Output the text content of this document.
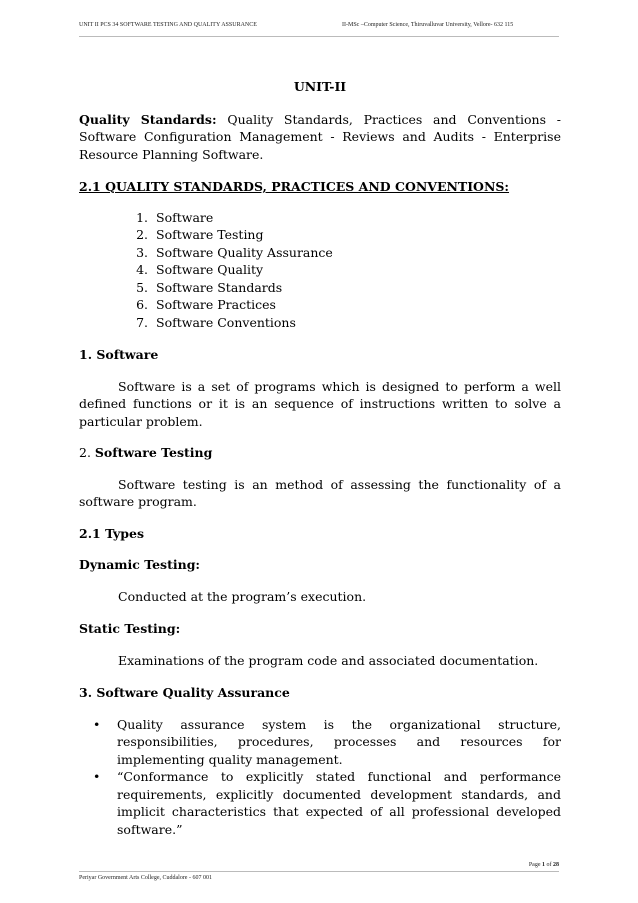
UNIT II PCS 34 SOFTWARE TESTING AND QUALITY ASSURANCE	II-MSc –Computer Science, Thiruvalluvar University, Vellore- 632 115
UNIT-II

Quality Standards: Quality Standards, Practices and Conventions - Software Configuration Management - Reviews and Audits - Enterprise Resource Planning Software.

2.1 QUALITY STANDARDS, PRACTICES AND CONVENTIONS:
1. Software
2. Software Testing
3. Software Quality Assurance
4. Software Quality
5. Software Standards
6. Software Practices
7. Software Conventions
1. Software

Software is a set of programs which is designed to perform a well defined functions or it is an sequence of instructions written to solve a particular problem.

2. Software Testing

Software testing is an method of assessing the functionality of a software program.

2.1 Types
Dynamic Testing:

Conducted at the program’s execution.

Static Testing:

Examinations of the program code and associated documentation.

3. Software Quality Assurance
• Quality assurance system is the organizational structure, responsibilities, procedures, processes and resources for implementing quality management.
• “Conformance to explicitly stated functional and performance requirements, explicitly documented development standards, and implicit characteristics that expected of all professional developed software.”
Page 1 of 28
Periyar Government Arts College, Cuddalore - 607 001
